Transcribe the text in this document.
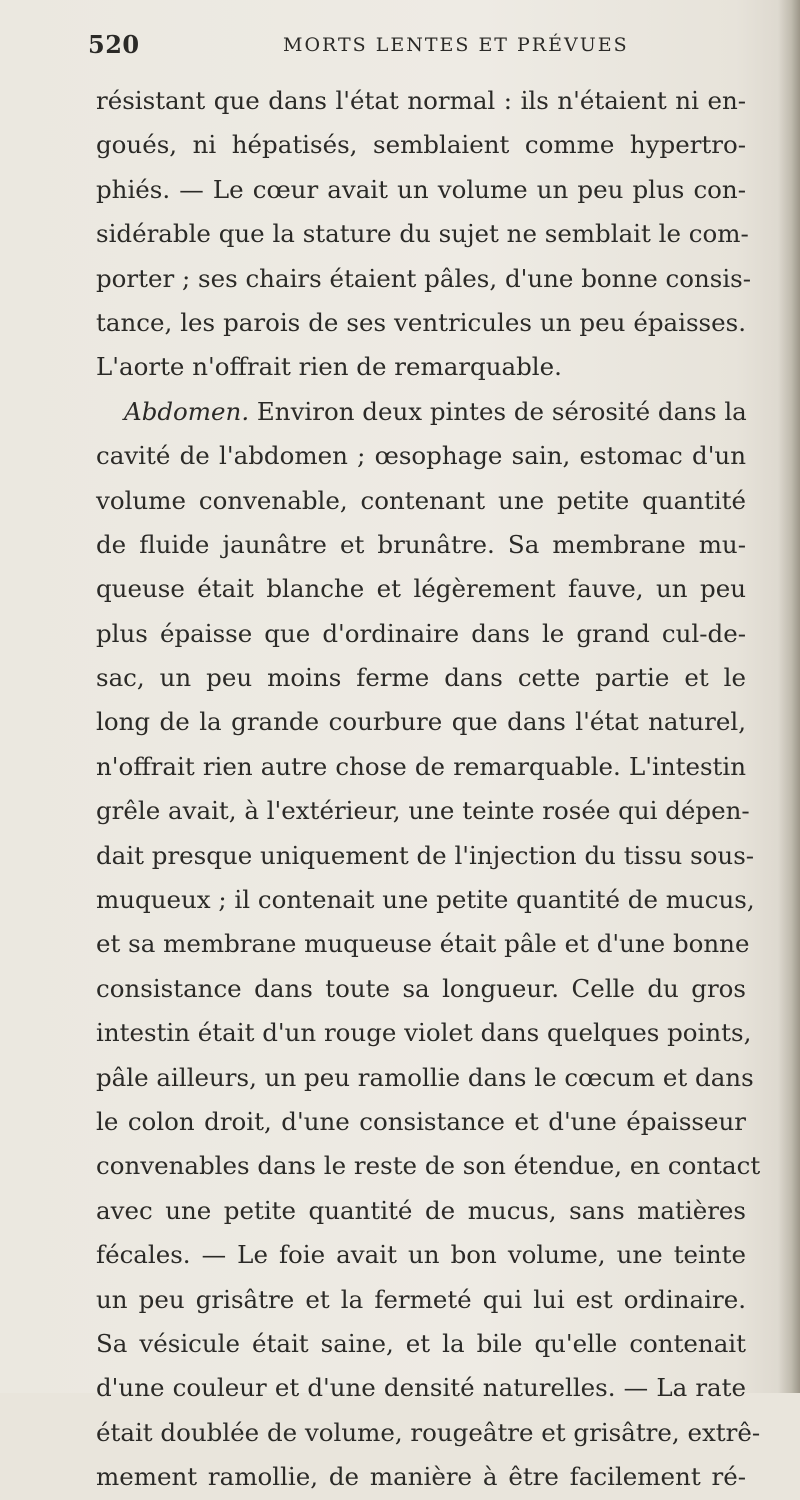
520	MORTS LENTES ET PRÉVUES
résistant que dans l'état normal : ils n'étaient ni en-
goués, ni hépatisés, semblaient comme hypertro-
phiés. — Le cœur avait un volume un peu plus con-
sidérable que la stature du sujet ne semblait le com-
porter ; ses chairs étaient pâles, d'une bonne consis-
tance, les parois de ses ventricules un peu épaisses.
L'aorte n'offrait rien de remarquable.
Abdomen. Environ deux pintes de sérosité dans la
cavité de l'abdomen ; œsophage sain, estomac d'un
volume convenable, contenant une petite quantité
de fluide jaunâtre et brunâtre. Sa membrane mu-
queuse était blanche et légèrement fauve, un peu
plus épaisse que d'ordinaire dans le grand cul-de-
sac, un peu moins ferme dans cette partie et le
long de la grande courbure que dans l'état naturel,
n'offrait rien autre chose de remarquable. L'intestin
grêle avait, à l'extérieur, une teinte rosée qui dépen-
dait presque uniquement de l'injection du tissu sous-
muqueux ; il contenait une petite quantité de mucus,
et sa membrane muqueuse était pâle et d'une bonne
consistance dans toute sa longueur. Celle du gros
intestin était d'un rouge violet dans quelques points,
pâle ailleurs, un peu ramollie dans le cœcum et dans
le colon droit, d'une consistance et d'une épaisseur
convenables dans le reste de son étendue, en contact
avec une petite quantité de mucus, sans matières
fécales. — Le foie avait un bon volume, une teinte
un peu grisâtre et la fermeté qui lui est ordinaire.
Sa vésicule était saine, et la bile qu'elle contenait
d'une couleur et d'une densité naturelles. — La rate
était doublée de volume, rougeâtre et grisâtre, extrê-
mement ramollie, de manière à être facilement ré-
